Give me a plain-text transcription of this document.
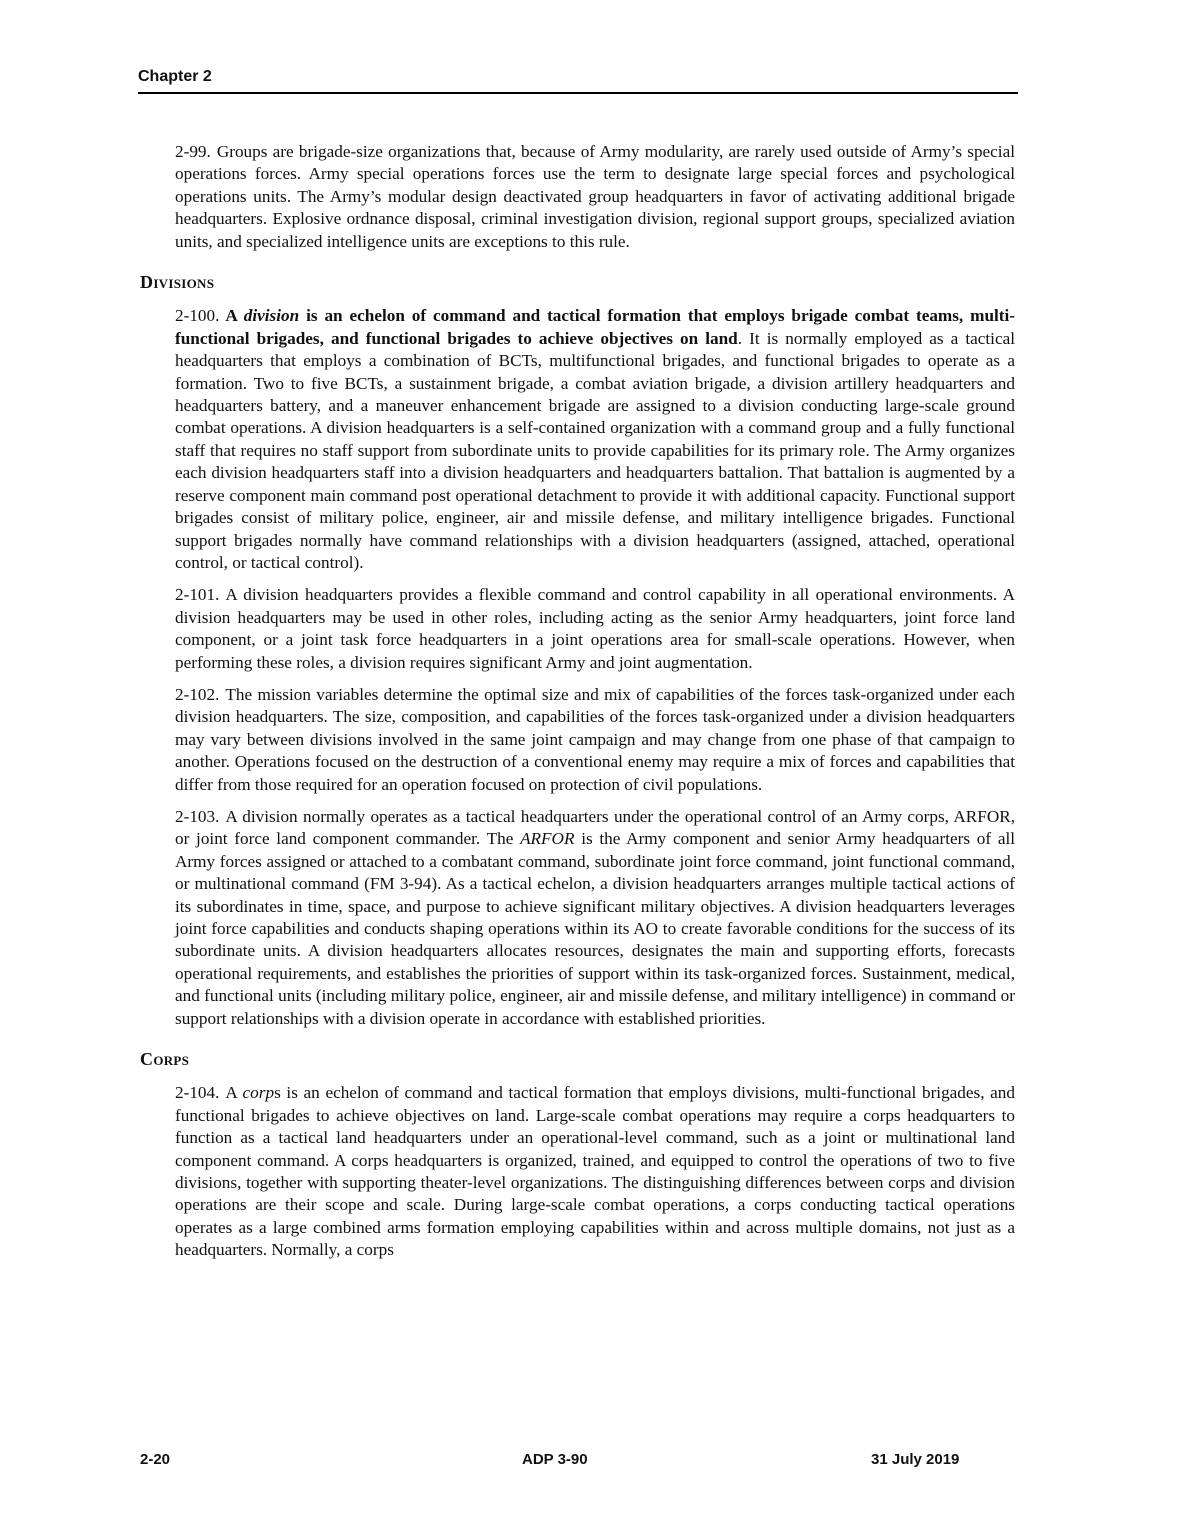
Chapter 2

2-99. Groups are brigade-size organizations that, because of Army modularity, are rarely used outside of Army’s special operations forces. Army special operations forces use the term to designate large special forces and psychological operations units. The Army’s modular design deactivated group headquarters in favor of activating additional brigade headquarters. Explosive ordnance disposal, criminal investigation division, regional support groups, specialized aviation units, and specialized intelligence units are exceptions to this rule.

Divisions

2-100. A division is an echelon of command and tactical formation that employs brigade combat teams, multi-functional brigades, and functional brigades to achieve objectives on land. It is normally employed as a tactical headquarters that employs a combination of BCTs, multifunctional brigades, and functional brigades to operate as a formation. Two to five BCTs, a sustainment brigade, a combat aviation brigade, a division artillery headquarters and headquarters battery, and a maneuver enhancement brigade are assigned to a division conducting large-scale ground combat operations. A division headquarters is a self-contained organization with a command group and a fully functional staff that requires no staff support from subordinate units to provide capabilities for its primary role. The Army organizes each division headquarters staff into a division headquarters and headquarters battalion. That battalion is augmented by a reserve component main command post operational detachment to provide it with additional capacity. Functional support brigades consist of military police, engineer, air and missile defense, and military intelligence brigades. Functional support brigades normally have command relationships with a division headquarters (assigned, attached, operational control, or tactical control).

2-101. A division headquarters provides a flexible command and control capability in all operational environments. A division headquarters may be used in other roles, including acting as the senior Army headquarters, joint force land component, or a joint task force headquarters in a joint operations area for small-scale operations. However, when performing these roles, a division requires significant Army and joint augmentation.

2-102. The mission variables determine the optimal size and mix of capabilities of the forces task-organized under each division headquarters. The size, composition, and capabilities of the forces task-organized under a division headquarters may vary between divisions involved in the same joint campaign and may change from one phase of that campaign to another. Operations focused on the destruction of a conventional enemy may require a mix of forces and capabilities that differ from those required for an operation focused on protection of civil populations.

2-103. A division normally operates as a tactical headquarters under the operational control of an Army corps, ARFOR, or joint force land component commander. The ARFOR is the Army component and senior Army headquarters of all Army forces assigned or attached to a combatant command, subordinate joint force command, joint functional command, or multinational command (FM 3-94). As a tactical echelon, a division headquarters arranges multiple tactical actions of its subordinates in time, space, and purpose to achieve significant military objectives. A division headquarters leverages joint force capabilities and conducts shaping operations within its AO to create favorable conditions for the success of its subordinate units. A division headquarters allocates resources, designates the main and supporting efforts, forecasts operational requirements, and establishes the priorities of support within its task-organized forces. Sustainment, medical, and functional units (including military police, engineer, air and missile defense, and military intelligence) in command or support relationships with a division operate in accordance with established priorities.

Corps

2-104. A corps is an echelon of command and tactical formation that employs divisions, multi-functional brigades, and functional brigades to achieve objectives on land. Large-scale combat operations may require a corps headquarters to function as a tactical land headquarters under an operational-level command, such as a joint or multinational land component command. A corps headquarters is organized, trained, and equipped to control the operations of two to five divisions, together with supporting theater-level organizations. The distinguishing differences between corps and division operations are their scope and scale. During large-scale combat operations, a corps conducting tactical operations operates as a large combined arms formation employing capabilities within and across multiple domains, not just as a headquarters. Normally, a corps

2-20	ADP 3-90	31 July 2019
